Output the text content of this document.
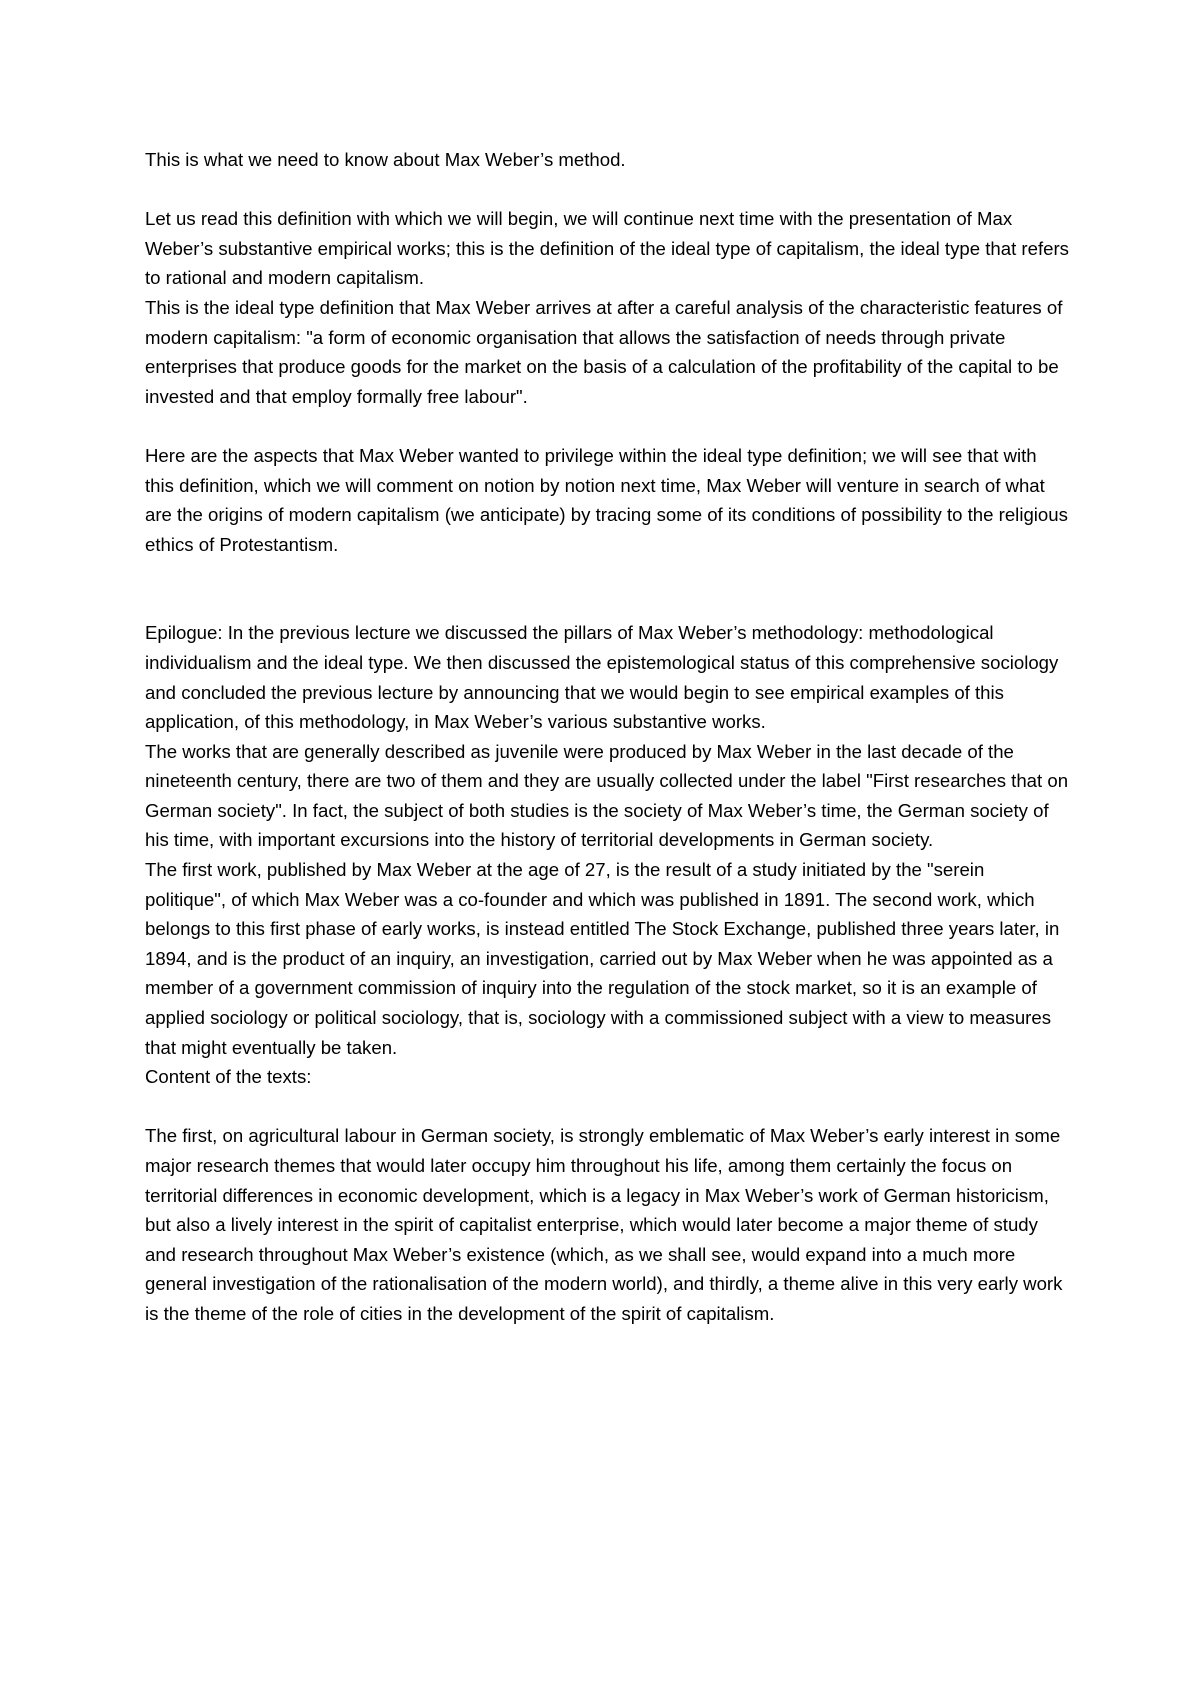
This is what we need to know about Max Weber’s method.

Let us read this definition with which we will begin, we will continue next time with the presentation of Max Weber’s substantive empirical works; this is the definition of the ideal type of capitalism, the ideal type that refers to rational and modern capitalism.

This is the ideal type definition that Max Weber arrives at after a careful analysis of the characteristic features of modern capitalism: "a form of economic organisation that allows the satisfaction of needs through private enterprises that produce goods for the market on the basis of a calculation of the profitability of the capital to be invested and that employ formally free labour".

Here are the aspects that Max Weber wanted to privilege within the ideal type definition; we will see that with this definition, which we will comment on notion by notion next time, Max Weber will venture in search of what are the origins of modern capitalism (we anticipate) by tracing some of its conditions of possibility to the religious ethics of Protestantism.

Epilogue: In the previous lecture we discussed the pillars of Max Weber’s methodology: methodological individualism and the ideal type. We then discussed the epistemological status of this comprehensive sociology and concluded the previous lecture by announcing that we would begin to see empirical examples of this application, of this methodology, in Max Weber’s various substantive works.

The works that are generally described as juvenile were produced by Max Weber in the last decade of the nineteenth century, there are two of them and they are usually collected under the label "First researches that on German society". In fact, the subject of both studies is the society of Max Weber’s time, the German society of his time, with important excursions into the history of territorial developments in German society.

The first work, published by Max Weber at the age of 27, is the result of a study initiated by the "serein politique", of which Max Weber was a co-founder and which was published in 1891. The second work, which belongs to this first phase of early works, is instead entitled The Stock Exchange, published three years later, in 1894, and is the product of an inquiry, an investigation, carried out by Max Weber when he was appointed as a member of a government commission of inquiry into the regulation of the stock market, so it is an example of applied sociology or political sociology, that is, sociology with a commissioned subject with a view to measures that might eventually be taken.

Content of the texts:

The first, on agricultural labour in German society, is strongly emblematic of Max Weber’s early interest in some major research themes that would later occupy him throughout his life, among them certainly the focus on territorial differences in economic development, which is a legacy in Max Weber’s work of German historicism, but also a lively interest in the spirit of capitalist enterprise, which would later become a major theme of study and research throughout Max Weber’s existence (which, as we shall see, would expand into a much more general investigation of the rationalisation of the modern world), and thirdly, a theme alive in this very early work is the theme of the role of cities in the development of the spirit of capitalism.
